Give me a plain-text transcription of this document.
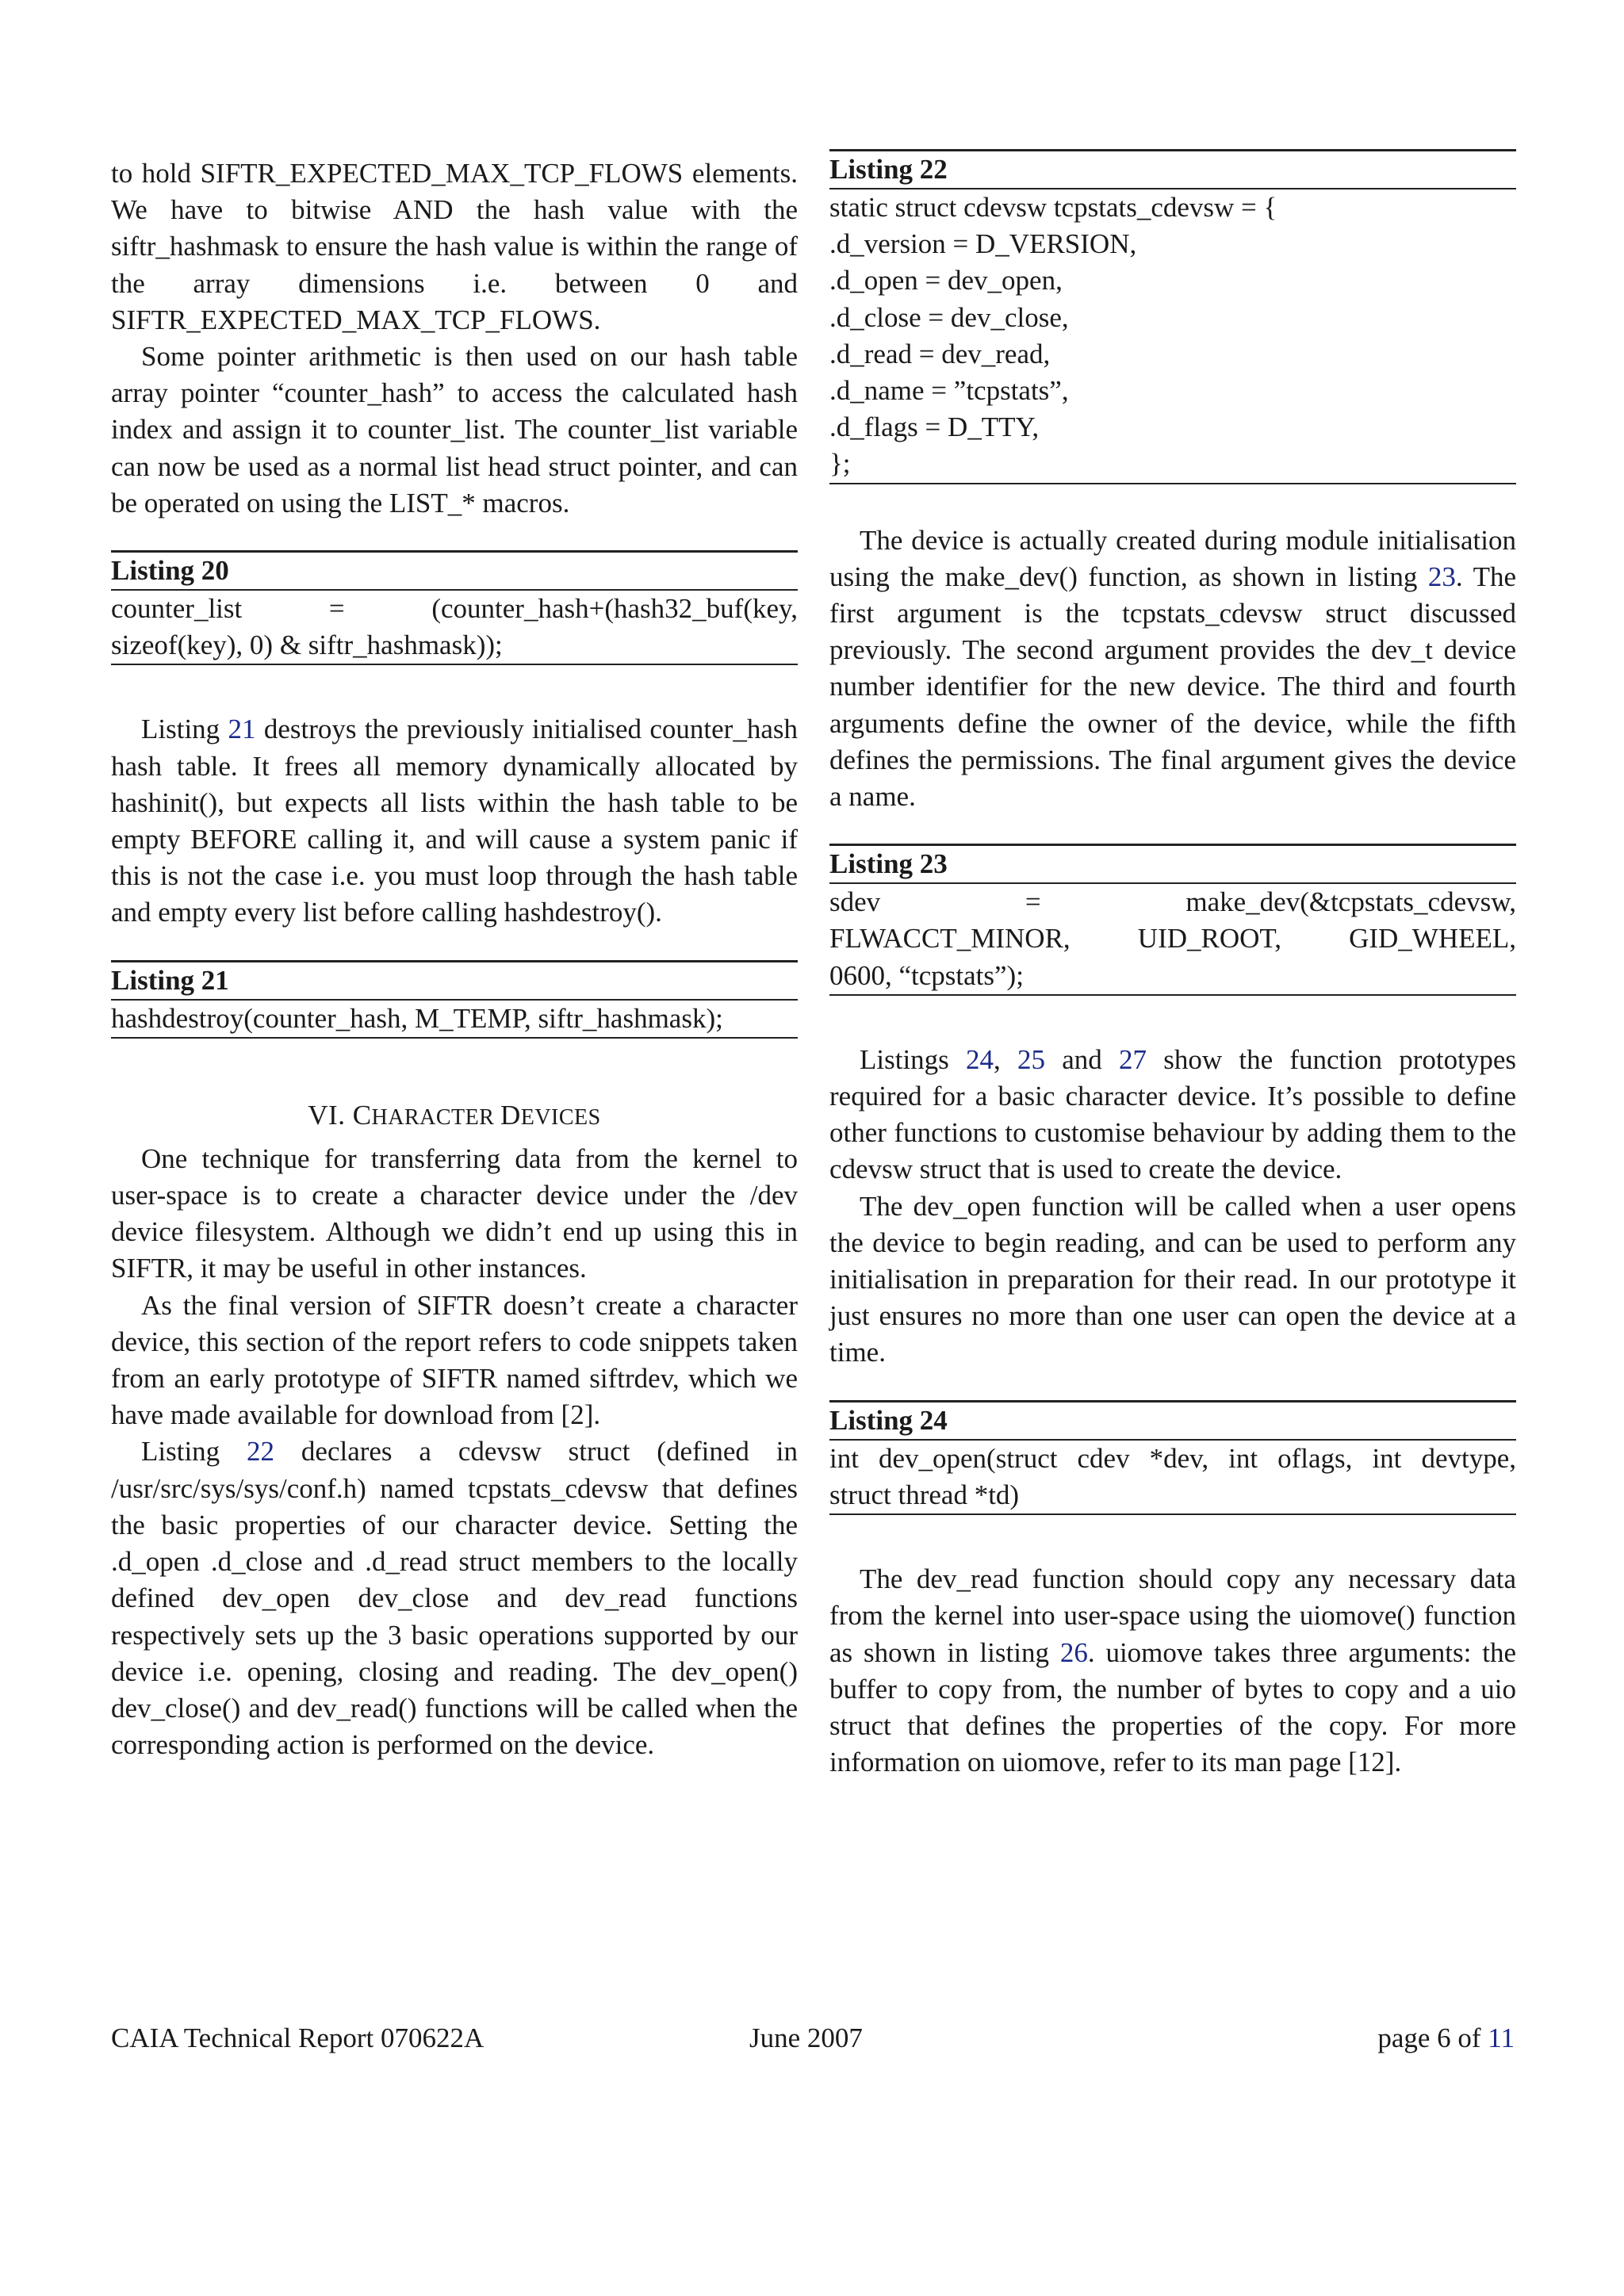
to hold SIFTR_EXPECTED_MAX_TCP_FLOWS elements. We have to bitwise AND the hash value with the siftr_hashmask to ensure the hash value is within the range of the array dimensions i.e. between 0 and SIFTR_EXPECTED_MAX_TCP_FLOWS.

Some pointer arithmetic is then used on our hash table array pointer “counter_hash” to access the calculated hash index and assign it to counter_list. The counter_list variable can now be used as a normal list head struct pointer, and can be operated on using the LIST_* macros.

Listing 20
counter_list = (counter_hash+(hash32_buf(key,
sizeof(key), 0) & siftr_hashmask));

Listing 21 destroys the previously initialised counter_hash hash table. It frees all memory dynamically allocated by hashinit(), but expects all lists within the hash table to be empty BEFORE calling it, and will cause a system panic if this is not the case i.e. you must loop through the hash table and empty every list before calling hashdestroy().

Listing 21
hashdestroy(counter_hash, M_TEMP, siftr_hashmask);
VI. CHARACTER DEVICES

One technique for transferring data from the kernel to user-space is to create a character device under the /dev device filesystem. Although we didn’t end up using this in SIFTR, it may be useful in other instances.

As the final version of SIFTR doesn’t create a character device, this section of the report refers to code snippets taken from an early prototype of SIFTR named siftrdev, which we have made available for download from [2].

Listing 22 declares a cdevsw struct (defined in /usr/src/sys/sys/conf.h) named tcpstats_cdevsw that defines the basic properties of our character device. Setting the .d_open .d_close and .d_read struct members to the locally defined dev_open dev_close and dev_read functions respectively sets up the 3 basic operations supported by our device i.e. opening, closing and reading. The dev_open() dev_close() and dev_read() functions will be called when the corresponding action is performed on the device.

Listing 22
static struct cdevsw tcpstats_cdevsw = {
.d_version = D_VERSION,
.d_open = dev_open,
.d_close = dev_close,
.d_read = dev_read,
.d_name = ”tcpstats”,
.d_flags = D_TTY,
};

The device is actually created during module initialisation using the make_dev() function, as shown in listing 23. The first argument is the tcpstats_cdevsw struct discussed previously. The second argument provides the dev_t device number identifier for the new device. The third and fourth arguments define the owner of the device, while the fifth defines the permissions. The final argument gives the device a name.

Listing 23
sdev = make_dev(&tcpstats_cdevsw,
FLWACCT_MINOR, UID_ROOT, GID_WHEEL,
0600, “tcpstats”);

Listings 24, 25 and 27 show the function prototypes required for a basic character device. It’s possible to define other functions to customise behaviour by adding them to the cdevsw struct that is used to create the device.

The dev_open function will be called when a user opens the device to begin reading, and can be used to perform any initialisation in preparation for their read. In our prototype it just ensures no more than one user can open the device at a time.

Listing 24
int dev_open(struct cdev *dev, int oflags, int devtype,
struct thread *td)

The dev_read function should copy any necessary data from the kernel into user-space using the uiomove() function as shown in listing 26. uiomove takes three arguments: the buffer to copy from, the number of bytes to copy and a uio struct that defines the properties of the copy. For more information on uiomove, refer to its man page [12].

CAIA Technical Report 070622A	June 2007	page 6 of 11
